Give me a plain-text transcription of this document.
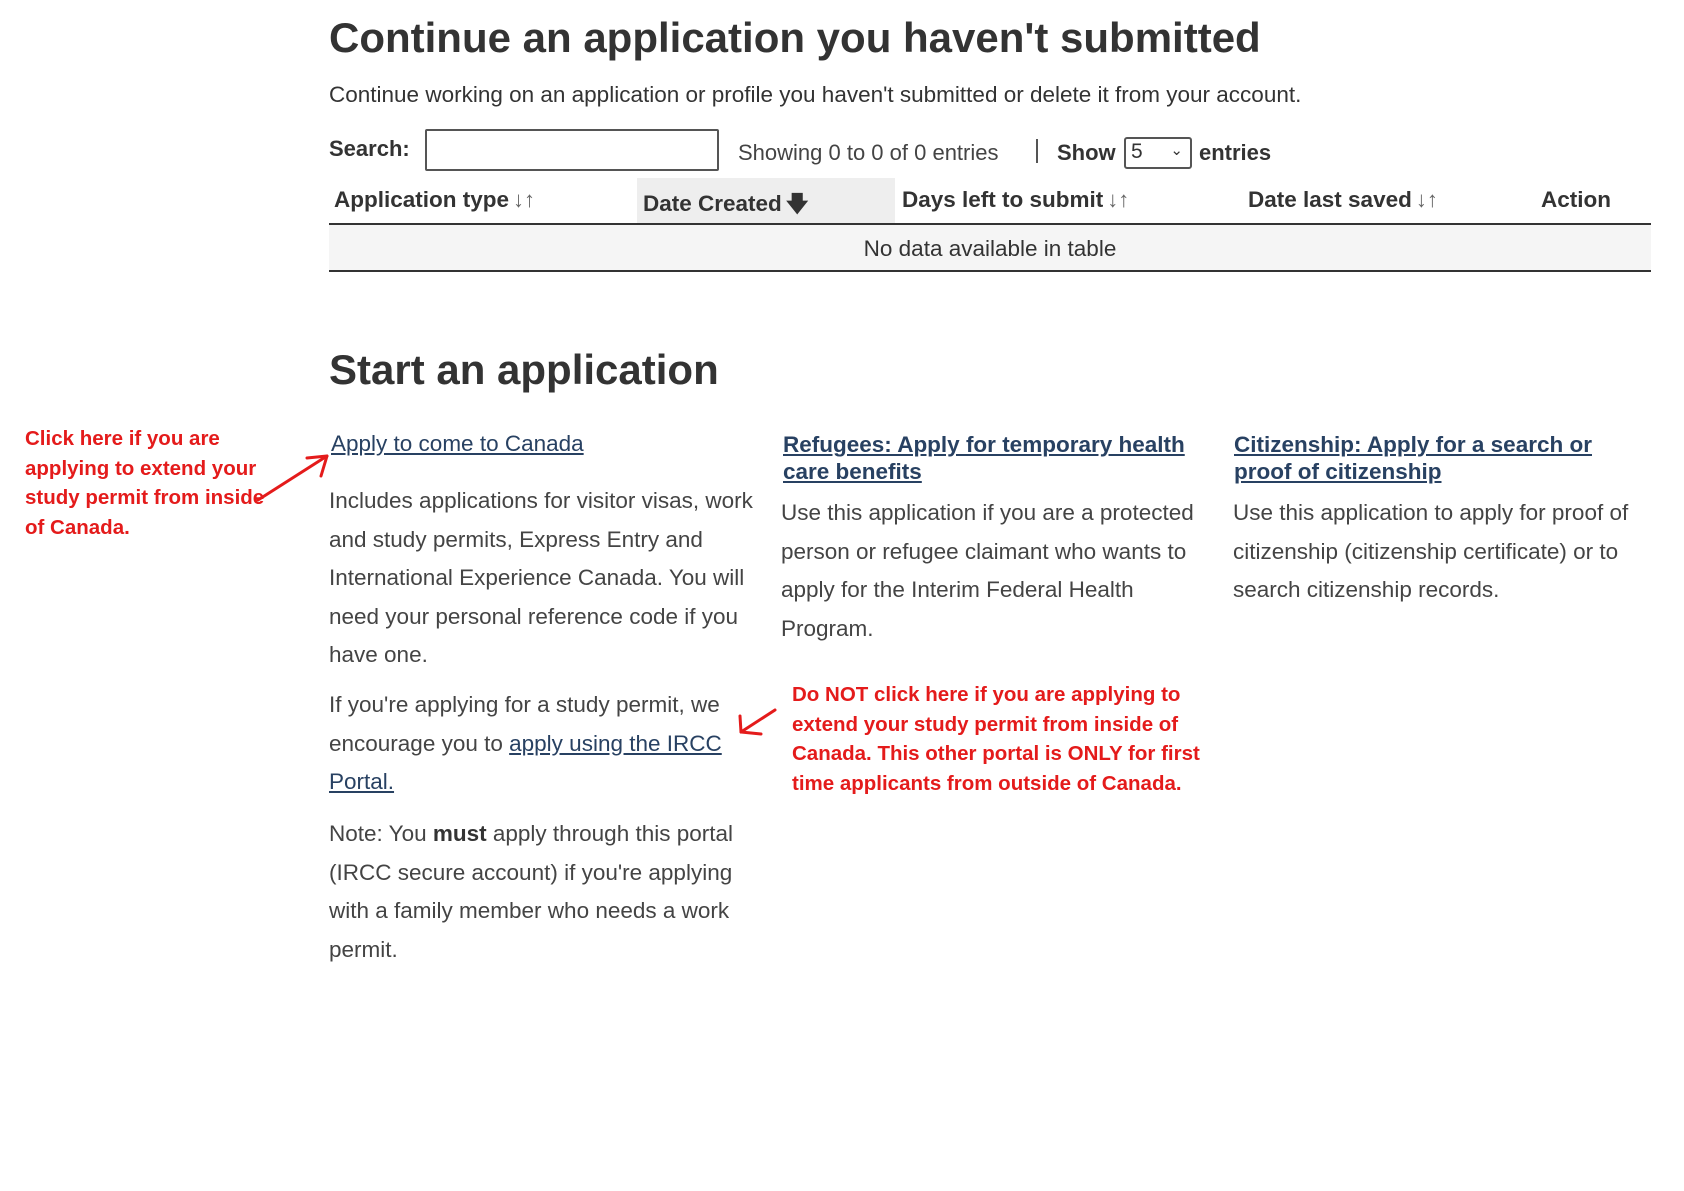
Continue an application you haven't submitted

Continue working on an application or profile you haven't submitted or delete it from your account.

Search:	Showing 0 to 0 of 0 entries	Show 5 ⌄ entries
Application type ↓↑	Date Created 🡇	Days left to submit ↓↑	Date last saved ↓↑	Action
No data available in table
Start an application
Apply to come to Canada

Includes applications for visitor visas, work and study permits, Express Entry and International Experience Canada. You will need your personal reference code if you have one.

If you're applying for a study permit, we encourage you to apply using the IRCC Portal.

Note: You must apply through this portal (IRCC secure account) if you're applying with a family member who needs a work permit.

Refugees: Apply for temporary health care benefits

Use this application if you are a protected person or refugee claimant who wants to apply for the Interim Federal Health Program.

Citizenship: Apply for a search or proof of citizenship

Use this application to apply for proof of citizenship (citizenship certificate) or to search citizenship records.

Click here if you are applying to extend your study permit from inside of Canada.

Do NOT click here if you are applying to extend your study permit from inside of Canada. This other portal is ONLY for first time applicants from outside of Canada.
